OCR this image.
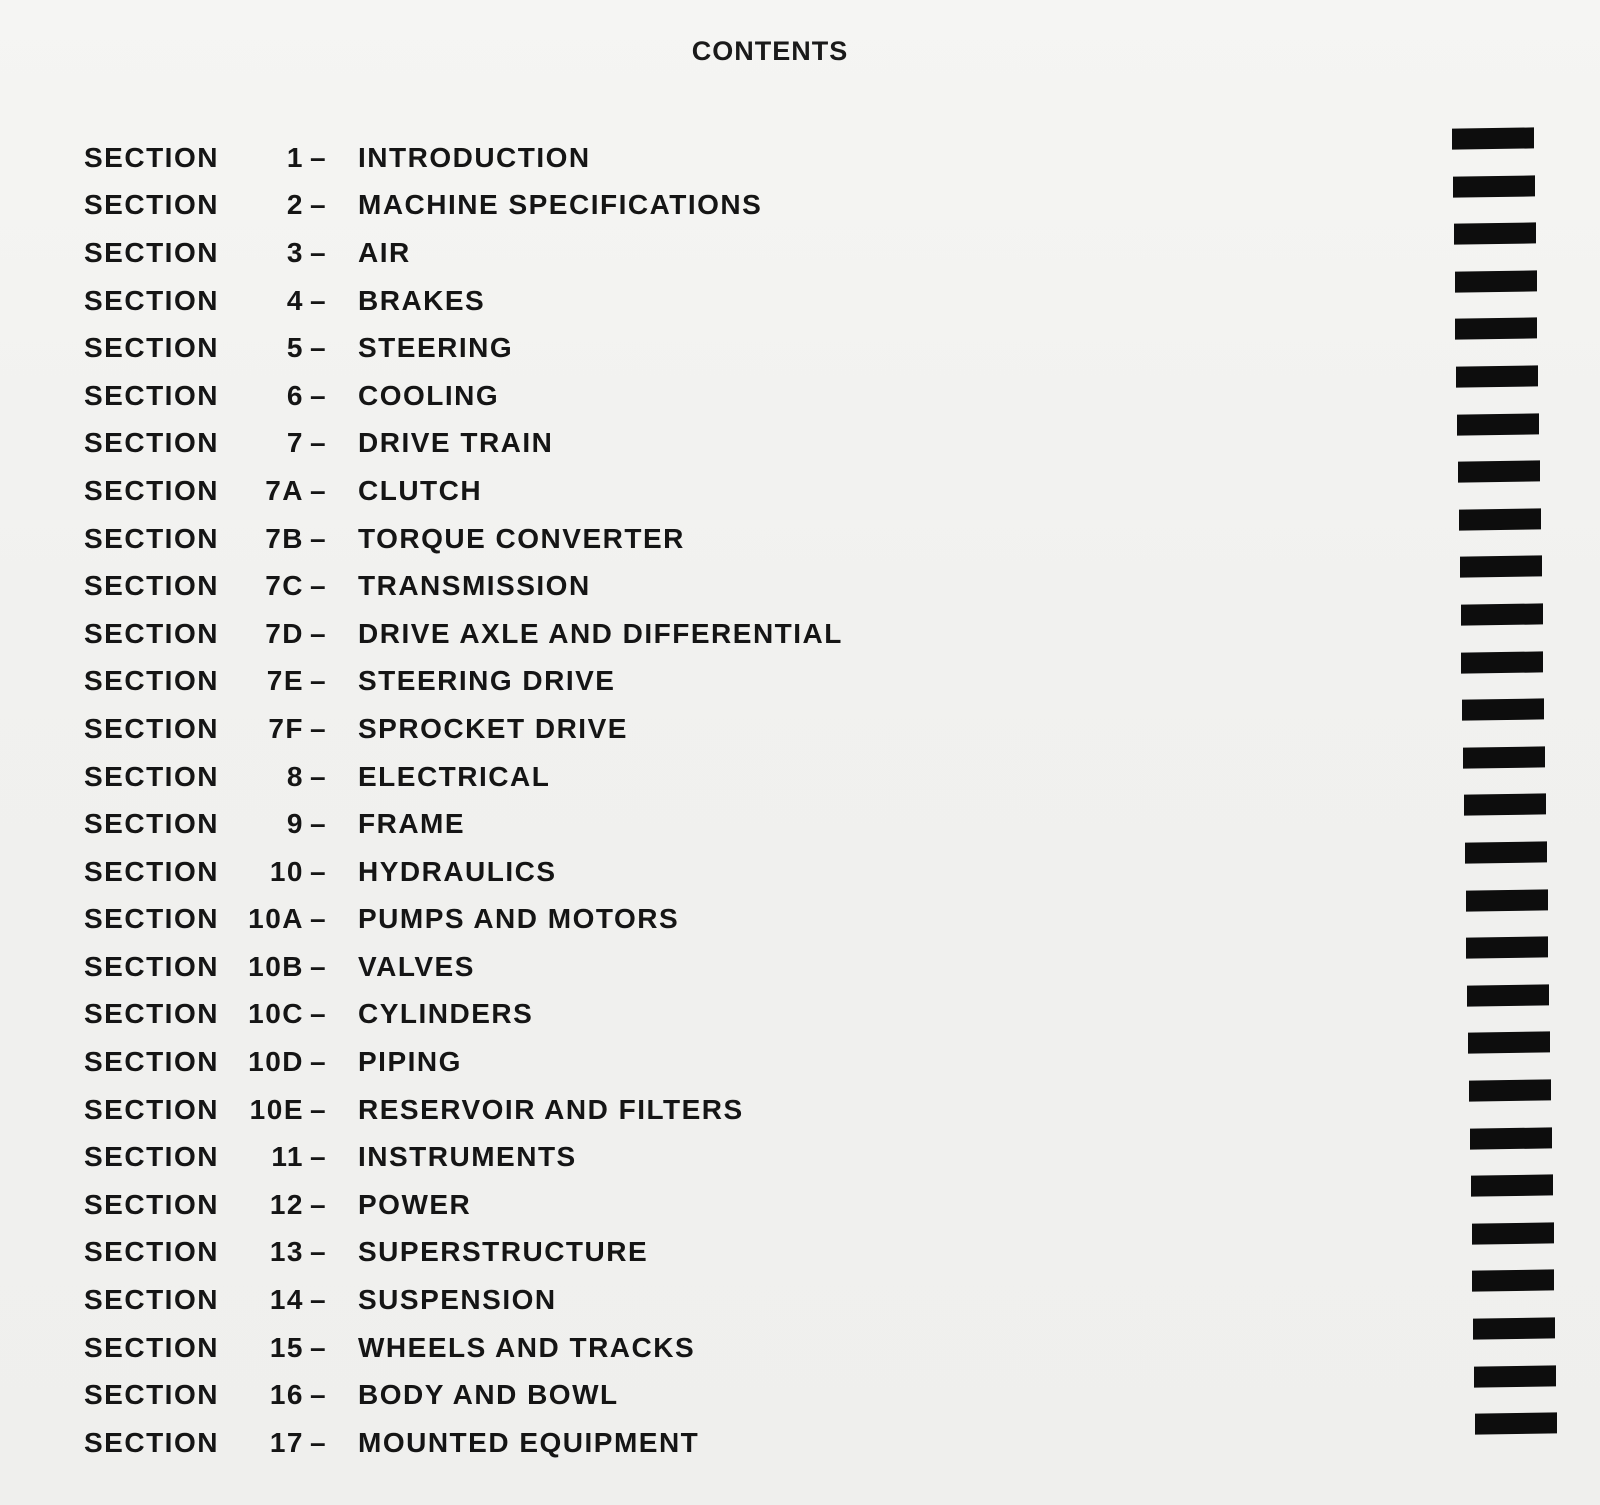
CONTENTS
SECTION	1 –	INTRODUCTION
SECTION	2 –	MACHINE SPECIFICATIONS
SECTION	3 –	AIR
SECTION	4 –	BRAKES
SECTION	5 –	STEERING
SECTION	6 –	COOLING
SECTION	7 –	DRIVE TRAIN
SECTION	7A –	CLUTCH
SECTION	7B –	TORQUE CONVERTER
SECTION	7C –	TRANSMISSION
SECTION	7D –	DRIVE AXLE AND DIFFERENTIAL
SECTION	7E –	STEERING DRIVE
SECTION	7F –	SPROCKET DRIVE
SECTION	8 –	ELECTRICAL
SECTION	9 –	FRAME
SECTION	10 –	HYDRAULICS
SECTION	10A –	PUMPS AND MOTORS
SECTION	10B –	VALVES
SECTION	10C –	CYLINDERS
SECTION	10D –	PIPING
SECTION	10E –	RESERVOIR AND FILTERS
SECTION	11 –	INSTRUMENTS
SECTION	12 –	POWER
SECTION	13 –	SUPERSTRUCTURE
SECTION	14 –	SUSPENSION
SECTION	15 –	WHEELS AND TRACKS
SECTION	16 –	BODY AND BOWL
SECTION	17 –	MOUNTED EQUIPMENT
